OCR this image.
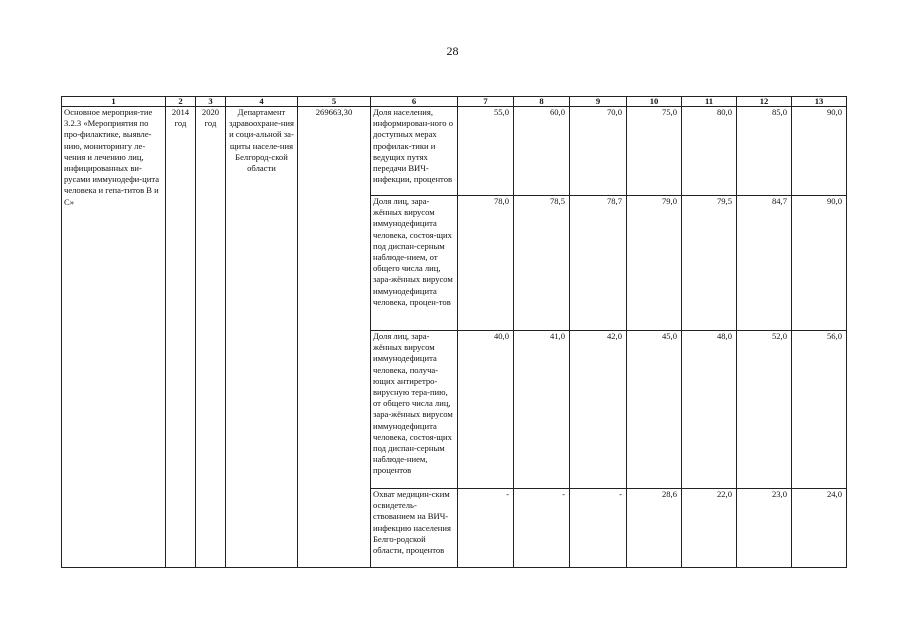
28
1	2	3	4	5	6	7	8	9	10	11	12	13
Основное мероприя-тие 3.2.3 «Мероприятия по про-филактике, выявле-нию, мониторингу ле-чения и лечению лиц, инфицированных ви-русами иммунодефи-цита человека и гепа-титов В и С»	2014 год	2020 год	Департамент здравоохране-ния и соци-альной за-щиты населе-ния Белгород-ской области	269663,30	Доля населения, информирован-ного о доступных мерах профилак-тики и ведущих путях передачи ВИЧ-инфекции, процентов	55,0	60,0	70,0	75,0	80,0	85,0	90,0
					Доля лиц, зара-жённых вирусом иммунодефицита человека, состоя-щих под диспан-серным наблюде-нием, от общего числа лиц, зара-жённых вирусом иммунодефицита человека, процен-тов	78,0	78,5	78,7	79,0	79,5	84,7	90,0
					Доля лиц, зара-жённых вирусом иммунодефицита человека, получа-ющих антиретро-вирусную тера-пию, от общего числа лиц, зара-жённых вирусом иммунодефицита человека, состоя-щих под диспан-серным наблюде-нием, процентов	40,0	41,0	42,0	45,0	48,0	52,0	56,0
					Охват медицин-ским освидетель-ствованием на ВИЧ-инфекцию населения Белго-родской области, процентов	-	-	-	28,6	22,0	23,0	24,0
